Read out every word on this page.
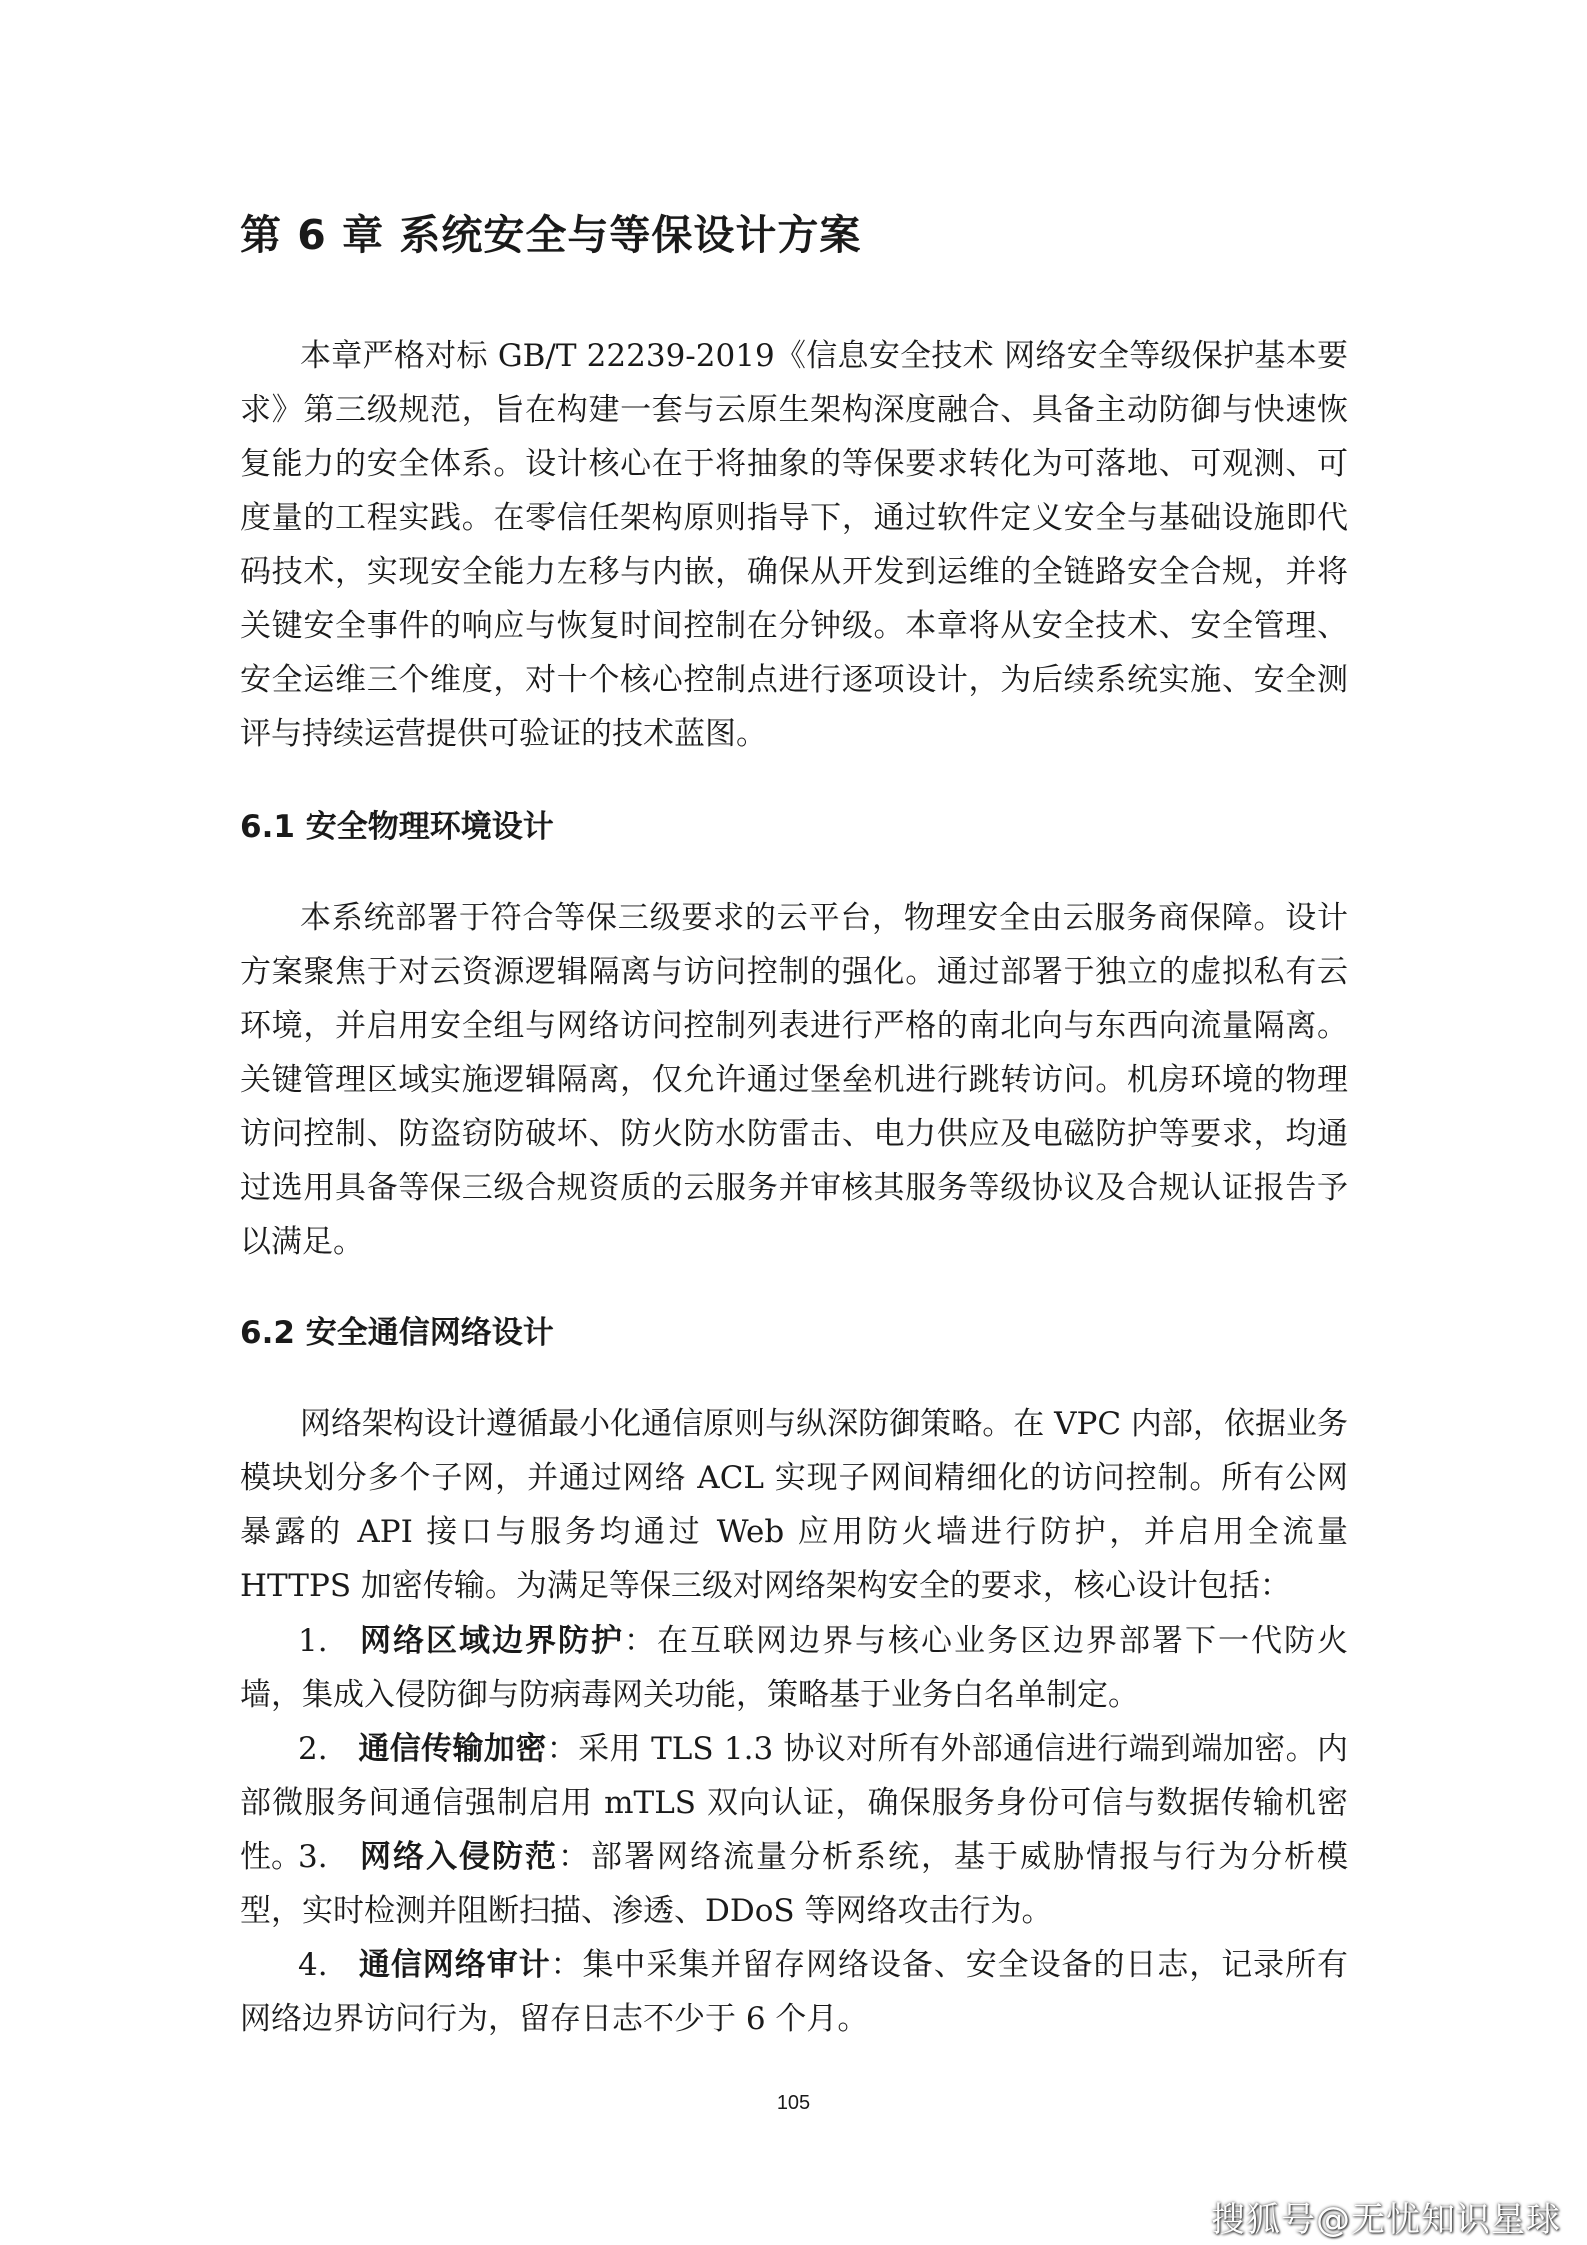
第 6 章 系统安全与等保设计方案

本章严格对标 GB/T 22239-2019《信息安全技术 网络安全等级保护基本要求》第三级规范，旨在构建一套与云原生架构深度融合、具备主动防御与快速恢复能力的安全体系。设计核心在于将抽象的等保要求转化为可落地、可观测、可度量的工程实践。在零信任架构原则指导下，通过软件定义安全与基础设施即代码技术，实现安全能力左移与内嵌，确保从开发到运维的全链路安全合规，并将关键安全事件的响应与恢复时间控制在分钟级。本章将从安全技术、安全管理、安全运维三个维度，对十个核心控制点进行逐项设计，为后续系统实施、安全测评与持续运营提供可验证的技术蓝图。

6.1 安全物理环境设计

本系统部署于符合等保三级要求的云平台，物理安全由云服务商保障。设计方案聚焦于对云资源逻辑隔离与访问控制的强化。通过部署于独立的虚拟私有云环境，并启用安全组与网络访问控制列表进行严格的南北向与东西向流量隔离。关键管理区域实施逻辑隔离，仅允许通过堡垒机进行跳转访问。机房环境的物理访问控制、防盗窃防破坏、防火防水防雷击、电力供应及电磁防护等要求，均通过选用具备等保三级合规资质的云服务并审核其服务等级协议及合规认证报告予以满足。

6.2 安全通信网络设计

网络架构设计遵循最小化通信原则与纵深防御策略。在 VPC 内部，依据业务模块划分多个子网，并通过网络 ACL 实现子网间精细化的访问控制。所有公网暴露的 API 接口与服务均通过 Web 应用防火墙进行防护，并启用全流量 HTTPS 加密传输。为满足等保三级对网络架构安全的要求，核心设计包括：

1. 网络区域边界防护：在互联网边界与核心业务区边界部署下一代防火墙，集成入侵防御与防病毒网关功能，策略基于业务白名单制定。

2. 通信传输加密：采用 TLS 1.3 协议对所有外部通信进行端到端加密。内部微服务间通信强制启用 mTLS 双向认证，确保服务身份可信与数据传输机密性。

3. 网络入侵防范：部署网络流量分析系统，基于威胁情报与行为分析模型，实时检测并阻断扫描、渗透、DDoS 等网络攻击行为。

4. 通信网络审计：集中采集并留存网络设备、安全设备的日志，记录所有网络边界访问行为，留存日志不少于 6 个月。

105
搜狐号@无忧知识星球
